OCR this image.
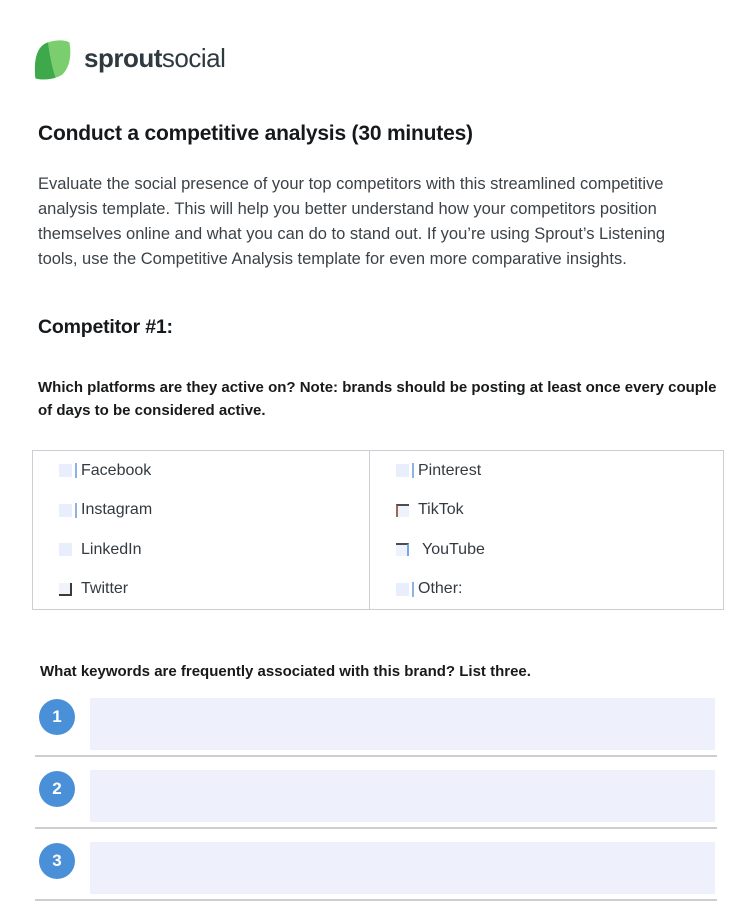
sprout social
Conduct a competitive analysis (30 minutes)

Evaluate the social presence of your top competitors with this streamlined competitive analysis template. This will help you better understand how your competitors position themselves online and what you can do to stand out. If you’re using Sprout’s Listening tools, use the Competitive Analysis template for even more comparative insights.

Competitor #1:

Which platforms are they active on? Note: brands should be posting at least once every couple of days to be considered active.

Facebook
Instagram
LinkedIn
Twitter
Pinterest
TikTok
YouTube
Other:

What keywords are frequently associated with this brand? List three.

1
2
3
